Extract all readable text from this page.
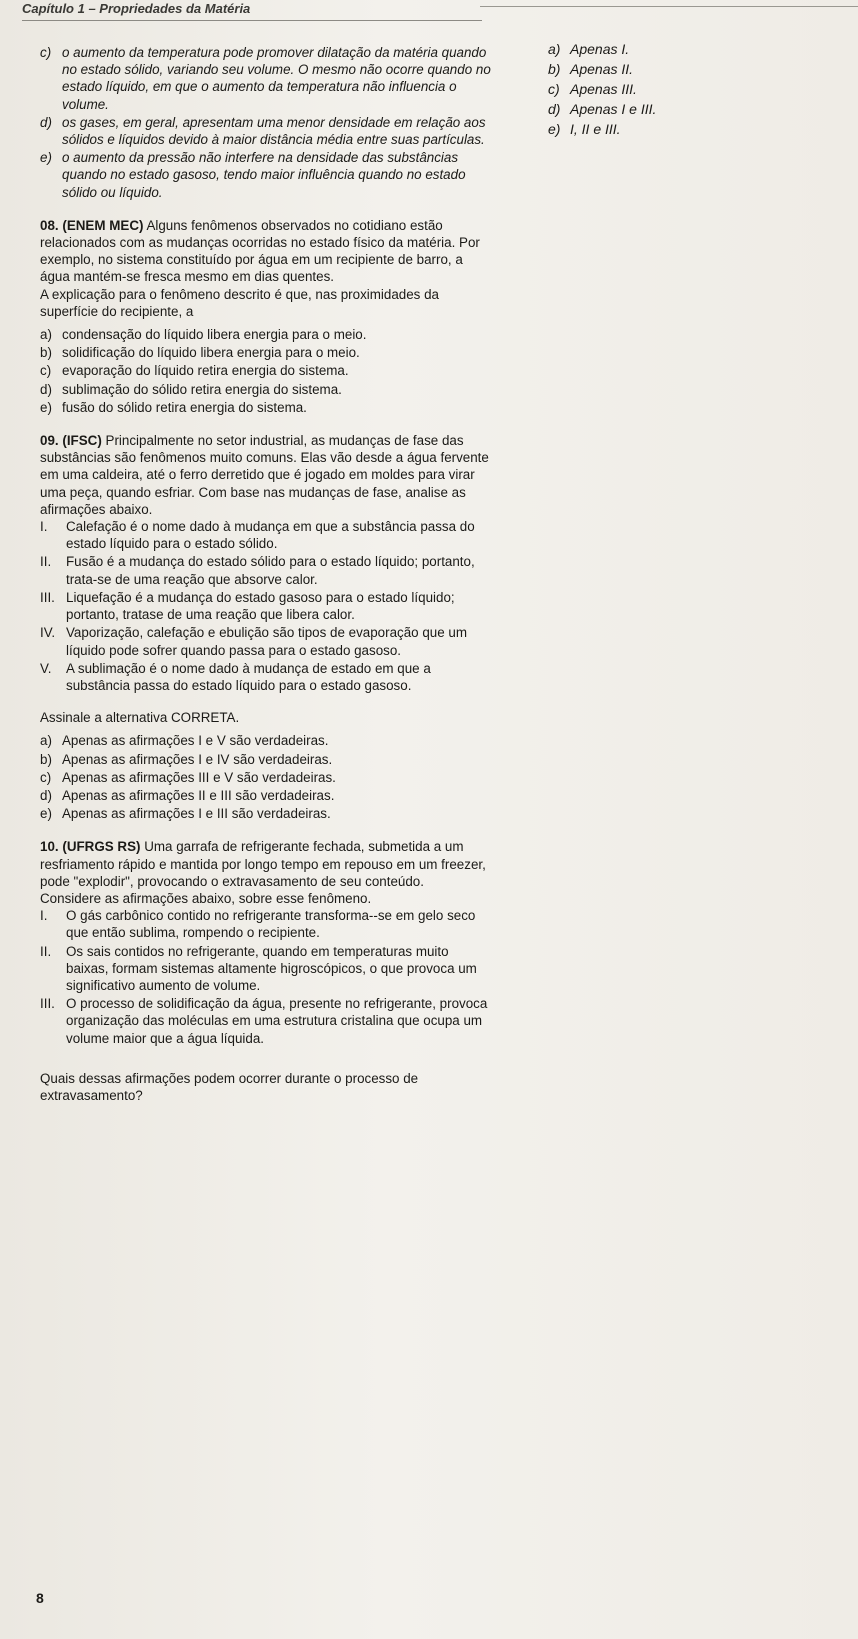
Capítulo 1 – Propriedades da Matéria
a) Apenas I.
b) Apenas II.
c) Apenas III.
d) Apenas I e III.
e) I, II e III.
c) o aumento da temperatura pode promover dilatação da matéria quando no estado sólido, variando seu volume. O mesmo não ocorre quando no estado líquido, em que o aumento da temperatura não influencia o volume.
d) os gases, em geral, apresentam uma menor densidade em relação aos sólidos e líquidos devido à maior distância média entre suas partículas.
e) o aumento da pressão não interfere na densidade das substâncias quando no estado gasoso, tendo maior influência quando no estado sólido ou líquido.
08. (ENEM MEC) Alguns fenômenos observados no cotidiano estão relacionados com as mudanças ocorridas no estado físico da matéria. Por exemplo, no sistema constituído por água em um recipiente de barro, a água mantém-se fresca mesmo em dias quentes.
A explicação para o fenômeno descrito é que, nas proximidades da superfície do recipiente, a
a) condensação do líquido libera energia para o meio.
b) solidificação do líquido libera energia para o meio.
c) evaporação do líquido retira energia do sistema.
d) sublimação do sólido retira energia do sistema.
e) fusão do sólido retira energia do sistema.
09. (IFSC) Principalmente no setor industrial, as mudanças de fase das substâncias são fenômenos muito comuns. Elas vão desde a água fervente em uma caldeira, até o ferro derretido que é jogado em moldes para virar uma peça, quando esfriar. Com base nas mudanças de fase, analise as afirmações abaixo.
I.	Calefação é o nome dado à mudança em que a substância passa do estado líquido para o estado sólido.
II.	Fusão é a mudança do estado sólido para o estado líquido; portanto, trata-se de uma reação que absorve calor.
III. Liquefação é a mudança do estado gasoso para o estado líquido; portanto, tratase de uma reação que libera calor.
IV. Vaporização, calefação e ebulição são tipos de evaporação que um líquido pode sofrer quando passa para o estado gasoso.
V.	A sublimação é o nome dado à mudança de estado em que a substância passa do estado líquido para o estado gasoso.
Assinale a alternativa CORRETA.
a) Apenas as afirmações I e V são verdadeiras.
b) Apenas as afirmações I e IV são verdadeiras.
c) Apenas as afirmações III e V são verdadeiras.
d) Apenas as afirmações II e III são verdadeiras.
e) Apenas as afirmações I e III são verdadeiras.
10. (UFRGS RS) Uma garrafa de refrigerante fechada, submetida a um resfriamento rápido e mantida por longo tempo em repouso em um freezer, pode "explodir", provocando o extravasamento de seu conteúdo.
Considere as afirmações abaixo, sobre esse fenômeno.
I.	O gás carbônico contido no refrigerante transforma--se em gelo seco que então sublima, rompendo o recipiente.
II.	Os sais contidos no refrigerante, quando em temperaturas muito baixas, formam sistemas altamente higroscópicos, o que provoca um significativo aumento de volume.
III. O processo de solidificação da água, presente no refrigerante, provoca organização das moléculas em uma estrutura cristalina que ocupa um volume maior que a água líquida.
Quais dessas afirmações podem ocorrer durante o processo de extravasamento?
8
